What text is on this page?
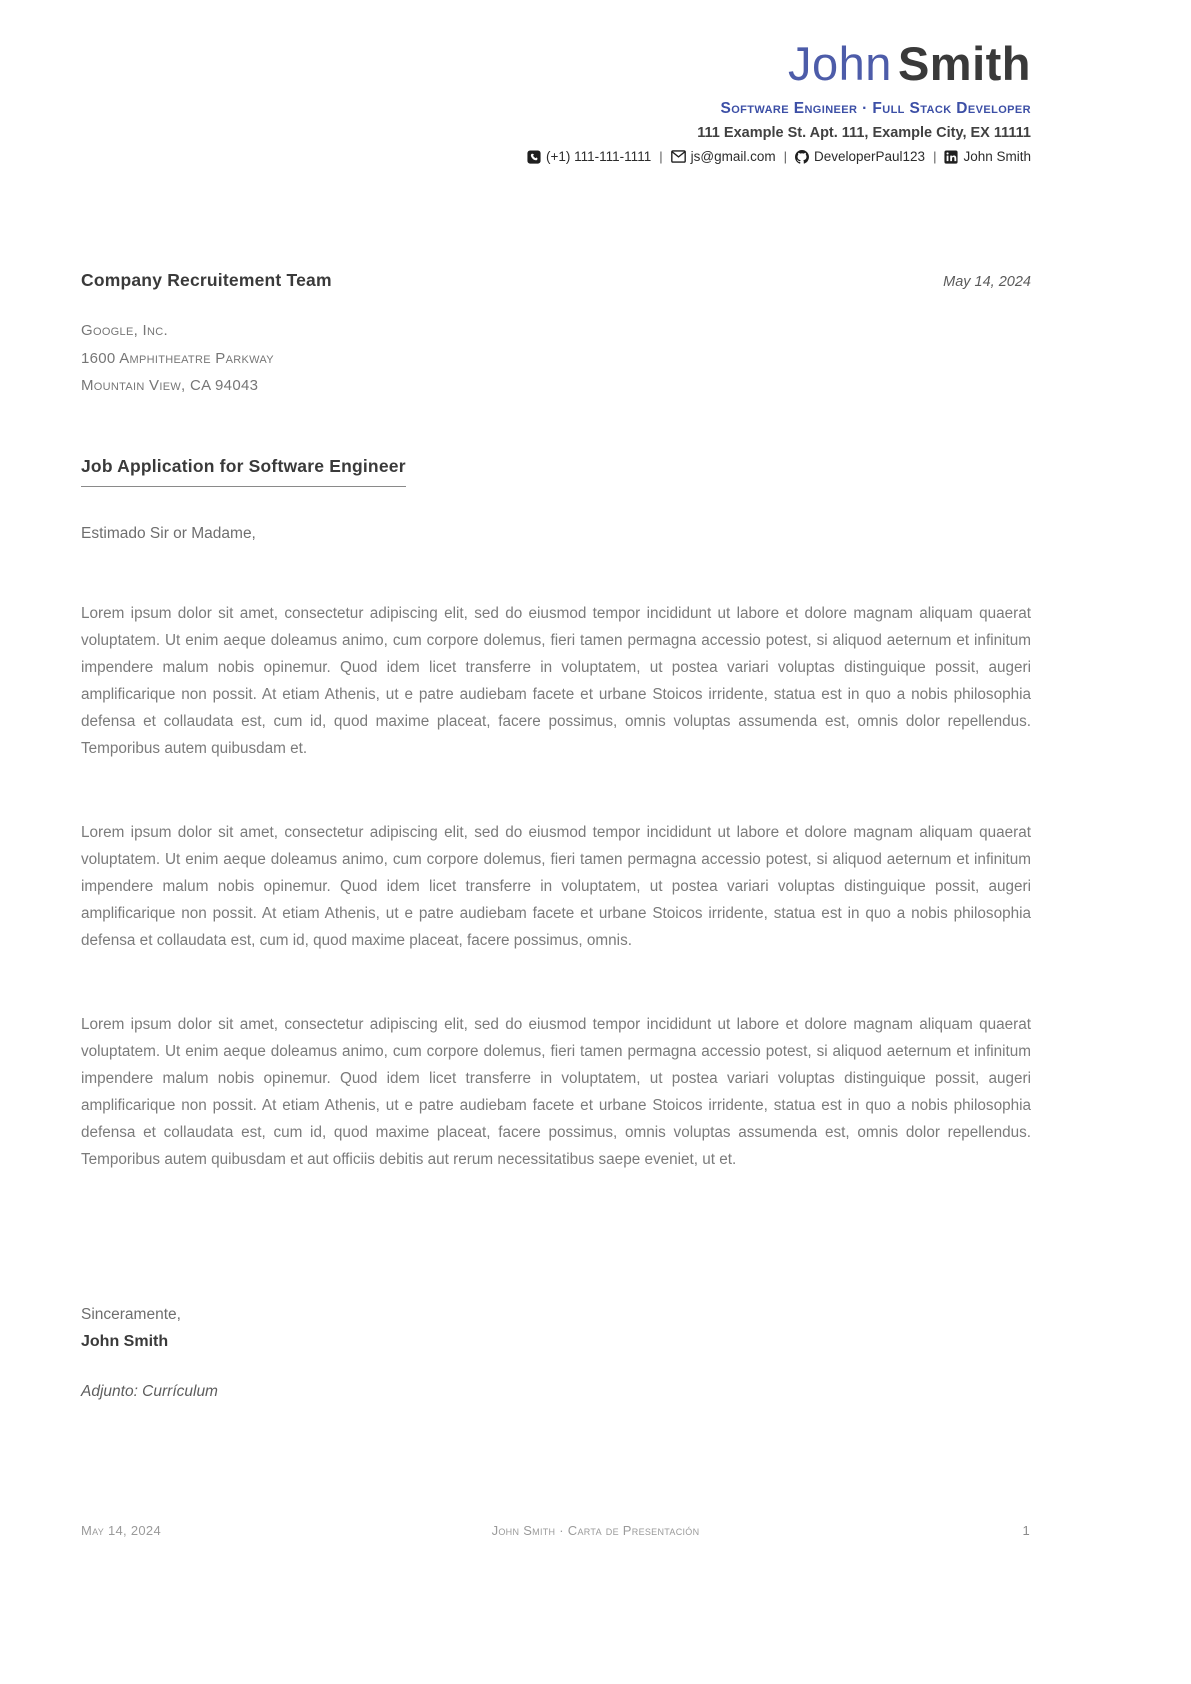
John Smith
Software Engineer · Full Stack Developer
111 Example St. Apt. 111, Example City, EX 11111
(+1) 111-111-1111 | js@gmail.com | DeveloperPaul123 | John Smith
Company Recruitement Team	May 14, 2024
Google, Inc.
1600 Amphitheatre Parkway
Mountain View, CA 94043
Job Application for Software Engineer
Estimado Sir or Madame,

Lorem ipsum dolor sit amet, consectetur adipiscing elit, sed do eiusmod tempor incididunt ut labore et dolore magnam aliquam quaerat voluptatem. Ut enim aeque doleamus animo, cum corpore dolemus, fieri tamen permagna accessio potest, si aliquod aeternum et infinitum impendere malum nobis opinemur. Quod idem licet transferre in voluptatem, ut postea variari voluptas distinguique possit, augeri amplificarique non possit. At etiam Athenis, ut e patre audiebam facete et urbane Stoicos irridente, statua est in quo a nobis philosophia defensa et collaudata est, cum id, quod maxime placeat, facere possimus, omnis voluptas assumenda est, omnis dolor repellendus. Temporibus autem quibusdam et.

Lorem ipsum dolor sit amet, consectetur adipiscing elit, sed do eiusmod tempor incididunt ut labore et dolore magnam aliquam quaerat voluptatem. Ut enim aeque doleamus animo, cum corpore dolemus, fieri tamen permagna accessio potest, si aliquod aeternum et infinitum impendere malum nobis opinemur. Quod idem licet transferre in voluptatem, ut postea variari voluptas distinguique possit, augeri amplificarique non possit. At etiam Athenis, ut e patre audiebam facete et urbane Stoicos irridente, statua est in quo a nobis philosophia defensa et collaudata est, cum id, quod maxime placeat, facere possimus, omnis.

Lorem ipsum dolor sit amet, consectetur adipiscing elit, sed do eiusmod tempor incididunt ut labore et dolore magnam aliquam quaerat voluptatem. Ut enim aeque doleamus animo, cum corpore dolemus, fieri tamen permagna accessio potest, si aliquod aeternum et infinitum impendere malum nobis opinemur. Quod idem licet transferre in voluptatem, ut postea variari voluptas distinguique possit, augeri amplificarique non possit. At etiam Athenis, ut e patre audiebam facete et urbane Stoicos irridente, statua est in quo a nobis philosophia defensa et collaudata est, cum id, quod maxime placeat, facere possimus, omnis voluptas assumenda est, omnis dolor repellendus. Temporibus autem quibusdam et aut officiis debitis aut rerum necessitatibus saepe eveniet, ut et.

Sinceramente,
John Smith
Adjunto: Currículum
May 14, 2024	John Smith · Carta de Presentación	1
